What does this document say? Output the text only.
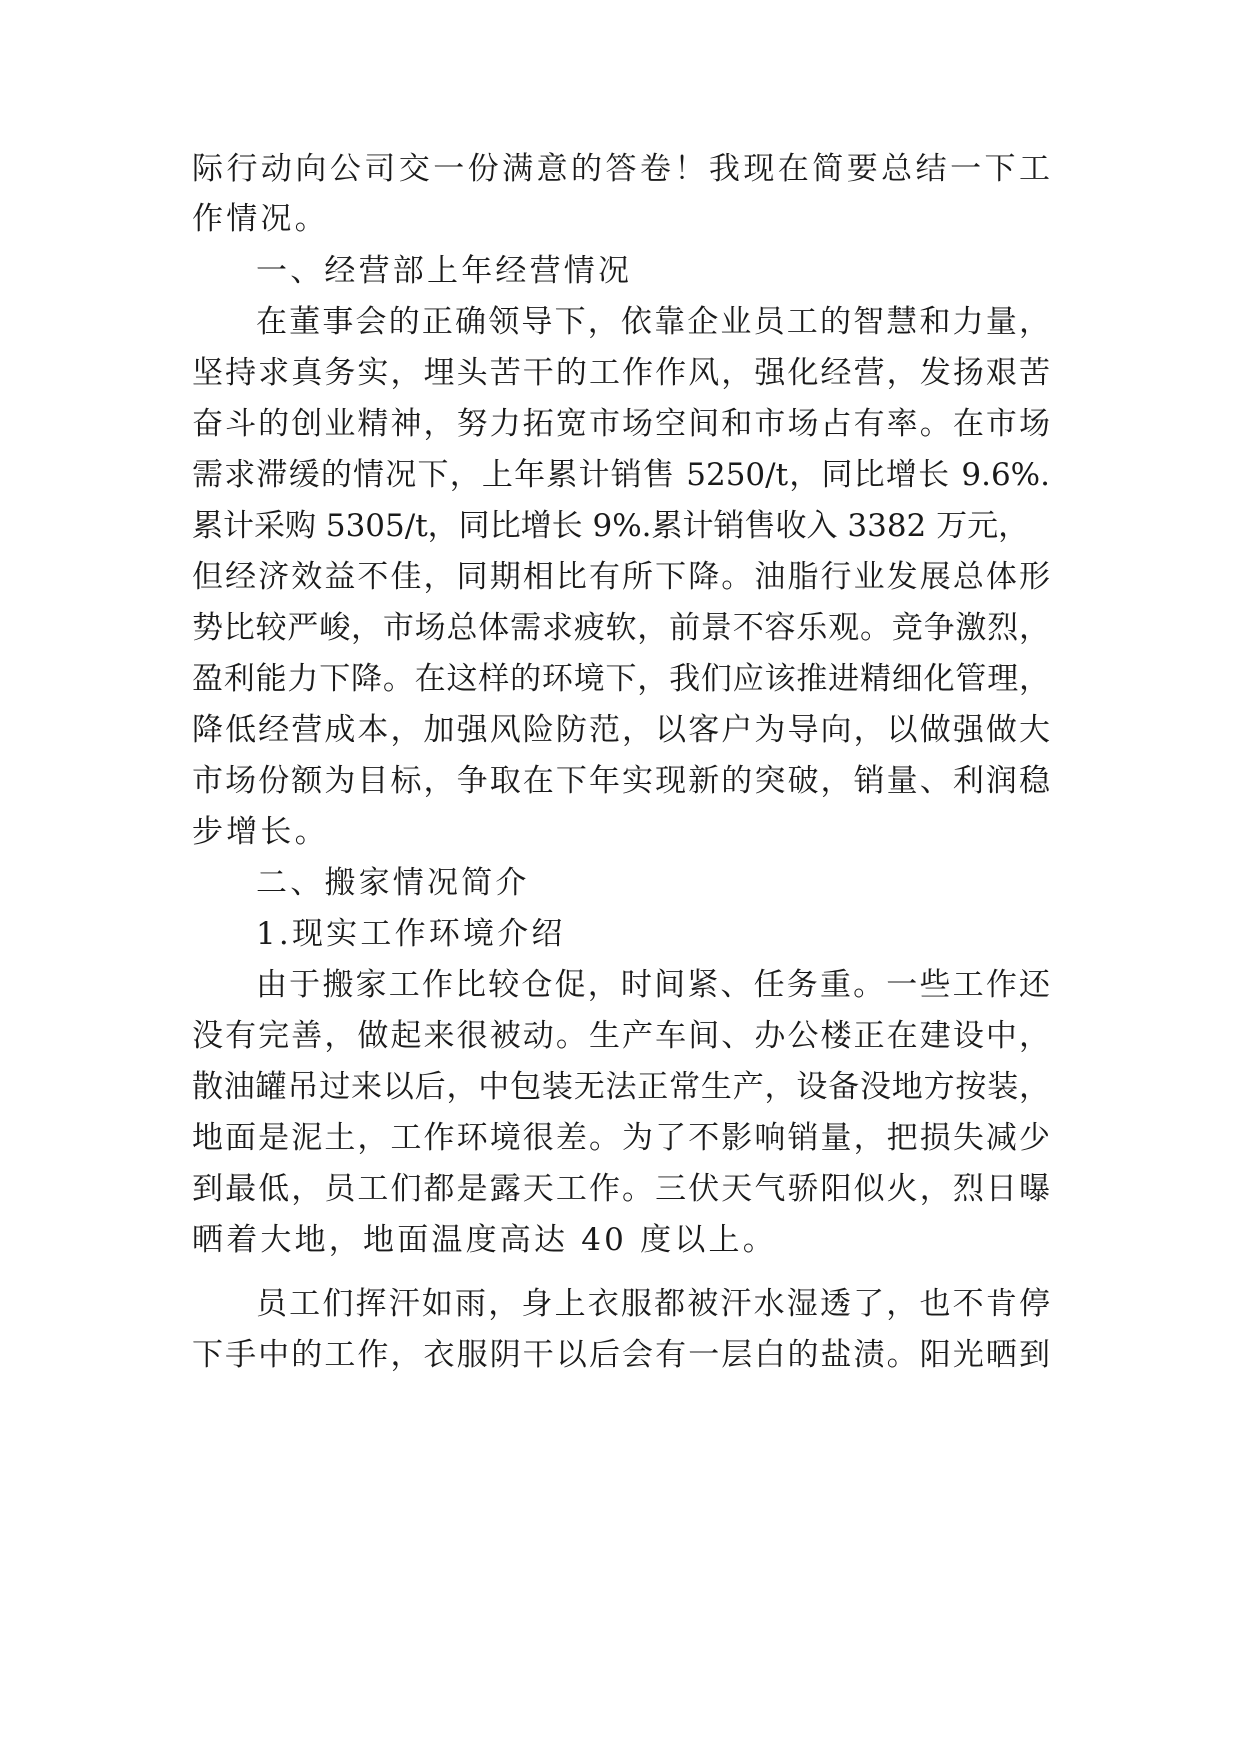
际行动向公司交一份满意的答卷！我现在简要总结一下工
作情况。
一、经营部上年经营情况
在董事会的正确领导下，依靠企业员工的智慧和力量，
坚持求真务实，埋头苦干的工作作风，强化经营，发扬艰苦
奋斗的创业精神，努力拓宽市场空间和市场占有率。在市场
需求滞缓的情况下，上年累计销售 5250/t，同比增长 9.6%.
累计采购 5305/t，同比增长 9%.累计销售收入 3382 万元，
但经济效益不佳，同期相比有所下降。油脂行业发展总体形
势比较严峻，市场总体需求疲软，前景不容乐观。竞争激烈，
盈利能力下降。在这样的环境下，我们应该推进精细化管理，
降低经营成本，加强风险防范，以客户为导向，以做强做大
市场份额为目标，争取在下年实现新的突破，销量、利润稳
步增长。
二、搬家情况简介
1.现实工作环境介绍
由于搬家工作比较仓促，时间紧、任务重。一些工作还
没有完善，做起来很被动。生产车间、办公楼正在建设中，
散油罐吊过来以后，中包装无法正常生产，设备没地方按装，
地面是泥土，工作环境很差。为了不影响销量，把损失减少
到最低，员工们都是露天工作。三伏天气骄阳似火，烈日曝
晒着大地，地面温度高达 40 度以上。
员工们挥汗如雨，身上衣服都被汗水湿透了，也不肯停
下手中的工作，衣服阴干以后会有一层白的盐渍。阳光晒到
